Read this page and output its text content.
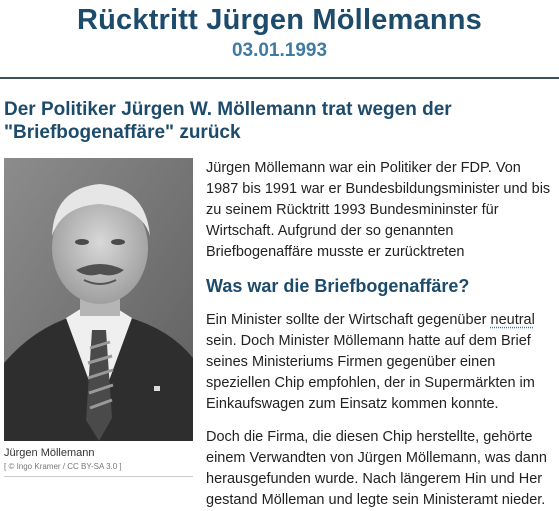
Rücktritt Jürgen Möllemanns
03.01.1993
Der Politiker Jürgen W. Möllemann trat wegen der "Briefbogenaffäre" zurück
Jürgen Möllemann
[ © Ingo Kramer / CC BY-SA 3.0 ]

Jürgen Möllemann war ein Politiker der FDP. Von 1987 bis 1991 war er Bundesbildungsminister und bis zu seinem Rücktritt 1993 Bundesmininster für Wirtschaft. Aufgrund der so genannten Briefbogenaffäre musste er zurücktreten

Was war die Briefbogenaffäre?

Ein Minister sollte der Wirtschaft gegenüber neutral sein. Doch Minister Möllemann hatte auf dem Brief seines Ministeriums Firmen gegenüber einen speziellen Chip empfohlen, der in Supermärkten im Einkaufswagen zum Einsatz kommen konnte.

Doch die Firma, die diesen Chip herstellte, gehörte einem Verwandten von Jürgen Möllemann, was dann herausgefunden wurde. Nach längerem Hin und Her gestand Mölleman und legte sein Ministeramt nieder.
